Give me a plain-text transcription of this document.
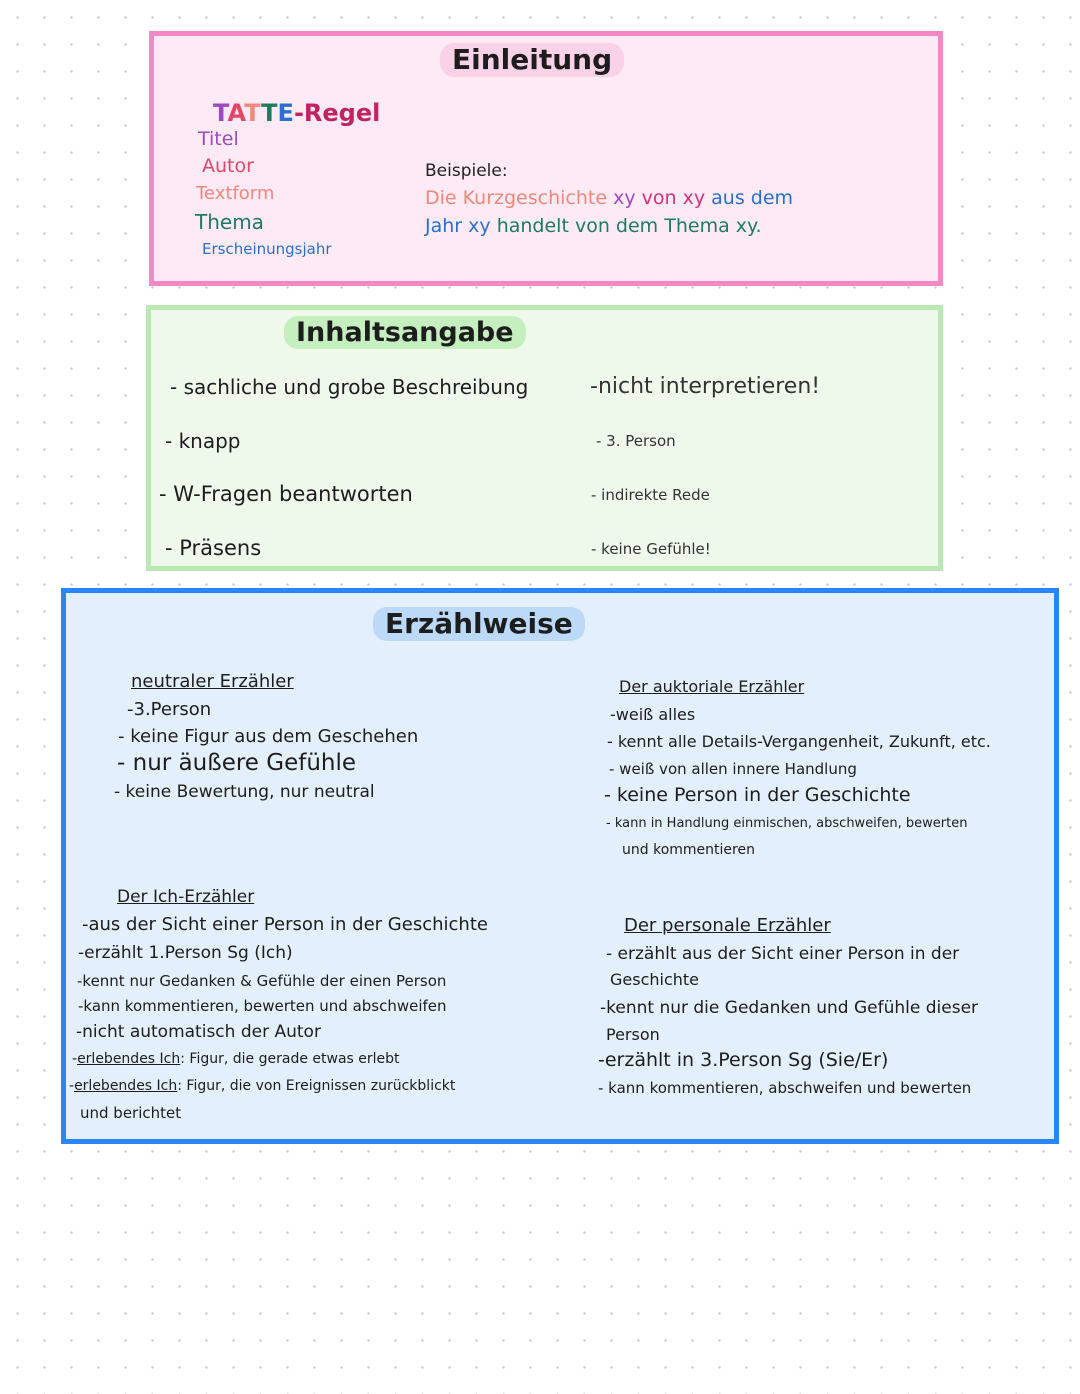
Einleitung
TATTE-Regel
Titel
Autor
Textform
Thema
Erscheinungsjahr
Beispiele:
Die Kurzgeschichte xy von xy aus dem
Jahr xy handelt von dem Thema xy.
Inhaltsangabe
- sachliche und grobe Beschreibung
- knapp
- W-Fragen beantworten
- Präsens
-nicht interpretieren!
- 3. Person
- indirekte Rede
- keine Gefühle!
Erzählweise
neutraler Erzähler
-3.Person
- keine Figur aus dem Geschehen
- nur äußere Gefühle
- keine Bewertung, nur neutral
Der auktoriale Erzähler
-weiß alles
- kennt alle Details-Vergangenheit, Zukunft, etc.
- weiß von allen innere Handlung
- keine Person in der Geschichte
- kann in Handlung einmischen, abschweifen, bewerten
und kommentieren
Der Ich-Erzähler
-aus der Sicht einer Person in der Geschichte
-erzählt 1.Person Sg (Ich)
-kennt nur Gedanken & Gefühle der einen Person
-kann kommentieren, bewerten und abschweifen
-nicht automatisch der Autor
-erlebendes Ich: Figur, die gerade etwas erlebt
-erlebendes Ich: Figur, die von Ereignissen zurückblickt
und berichtet
Der personale Erzähler
- erzählt aus der Sicht einer Person in der
Geschichte
-kennt nur die Gedanken und Gefühle dieser
Person
-erzählt in 3.Person Sg (Sie/Er)
- kann kommentieren, abschweifen und bewerten
